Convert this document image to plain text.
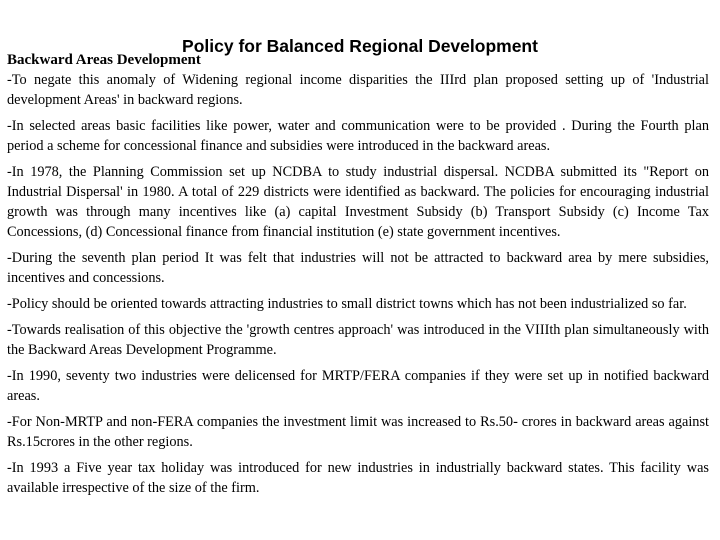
Policy for Balanced Regional Development
Backward Areas Development

-To negate this anomaly of Widening regional income disparities the IIIrd plan proposed setting up of 'Industrial development Areas' in backward regions.

-In selected areas basic facilities like power, water and communication were to be provided . During the Fourth plan period a scheme for concessional finance and subsidies were introduced in the backward areas.

-In 1978, the Planning Commission set up NCDBA to study industrial dispersal. NCDBA submitted its "Report on Industrial Dispersal' in 1980. A total of 229 districts were identified as backward. The policies for encouraging industrial growth was through many incentives like (a) capital Investment Subsidy (b) Transport Subsidy (c) Income Tax Concessions, (d) Concessional finance from financial institution (e) state government incentives.

-During the seventh plan period It was felt that industries will not be attracted to backward area by mere subsidies, incentives and concessions.

-Policy should be oriented towards attracting industries to small district towns which has not been industrialized so far.

-Towards realisation of this objective the 'growth centres approach' was introduced in the VIIIth plan simultaneously with the Backward Areas Development Programme.

-In 1990, seventy two industries were delicensed for MRTP/FERA companies if they were set up in notified backward areas.

-For Non-MRTP and non-FERA companies the investment limit was increased to Rs.50- crores in backward areas against Rs.15crores in the other regions.

-In 1993 a Five year tax holiday was introduced for new industries in industrially backward states. This facility was available irrespective of the size of the firm.
